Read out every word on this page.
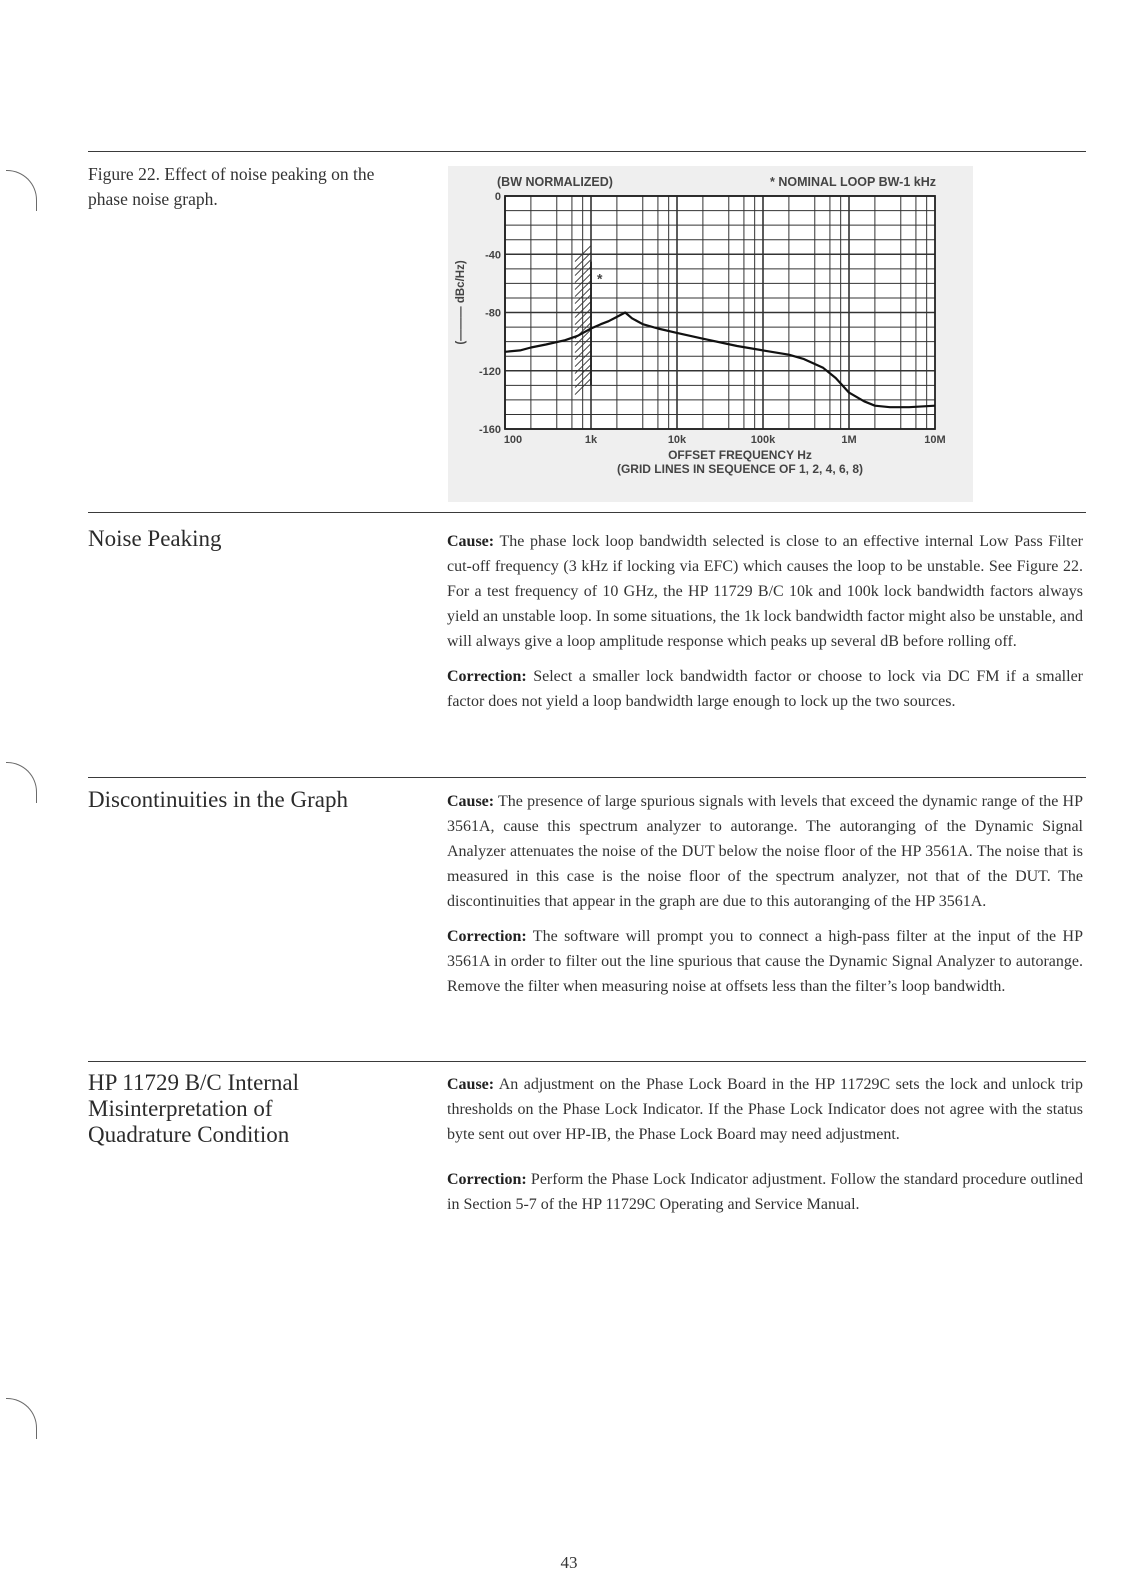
Figure 22. Effect of noise peaking on the phase noise graph.
*
0
-40
-80
-120
-160
100	1k	10k	100k	1M	10M
(BW NORMALIZED)	* NOMINAL LOOP BW-1 kHz
OFFSET FREQUENCY Hz
(GRID LINES IN SEQUENCE OF 1, 2, 4, 6, 8)
(——— dBc/Hz)
Noise Peaking	Cause: The phase lock loop bandwidth selected is close to an effective internal Low Pass Filter cut-off frequency (3 kHz if locking via EFC) which causes the loop to be unstable. See Figure 22. For a test frequency of 10 GHz, the HP 11729 B/C 10k and 100k lock bandwidth factors always yield an unstable loop. In some situations, the 1k lock bandwidth factor might also be unstable, and will always give a loop amplitude response which peaks up several dB before rolling off.

Correction: Select a smaller lock bandwidth factor or choose to lock via DC FM if a smaller factor does not yield a loop bandwidth large enough to lock up the two sources.

Discontinuities in the Graph	Cause: The presence of large spurious signals with levels that exceed the dynamic range of the HP 3561A, cause this spectrum analyzer to autorange. The autoranging of the Dynamic Signal Analyzer attenuates the noise of the DUT below the noise floor of the HP 3561A. The noise that is measured in this case is the noise floor of the spectrum analyzer, not that of the DUT. The discontinuities that appear in the graph are due to this autoranging of the HP 3561A.

Correction: The software will prompt you to connect a high-pass filter at the input of the HP 3561A in order to filter out the line spurious that cause the Dynamic Signal Analyzer to autorange. Remove the filter when measuring noise at offsets less than the filter’s loop bandwidth.

HP 11729 B/C Internal Misinterpretation of Quadrature Condition

Cause: An adjustment on the Phase Lock Board in the HP 11729C sets the lock and unlock trip thresholds on the Phase Lock Indicator. If the Phase Lock Indicator does not agree with the status byte sent out over HP-IB, the Phase Lock Board may need adjustment.

Correction: Perform the Phase Lock Indicator adjustment. Follow the standard procedure outlined in Section 5-7 of the HP 11729C Operating and Service Manual.

43
